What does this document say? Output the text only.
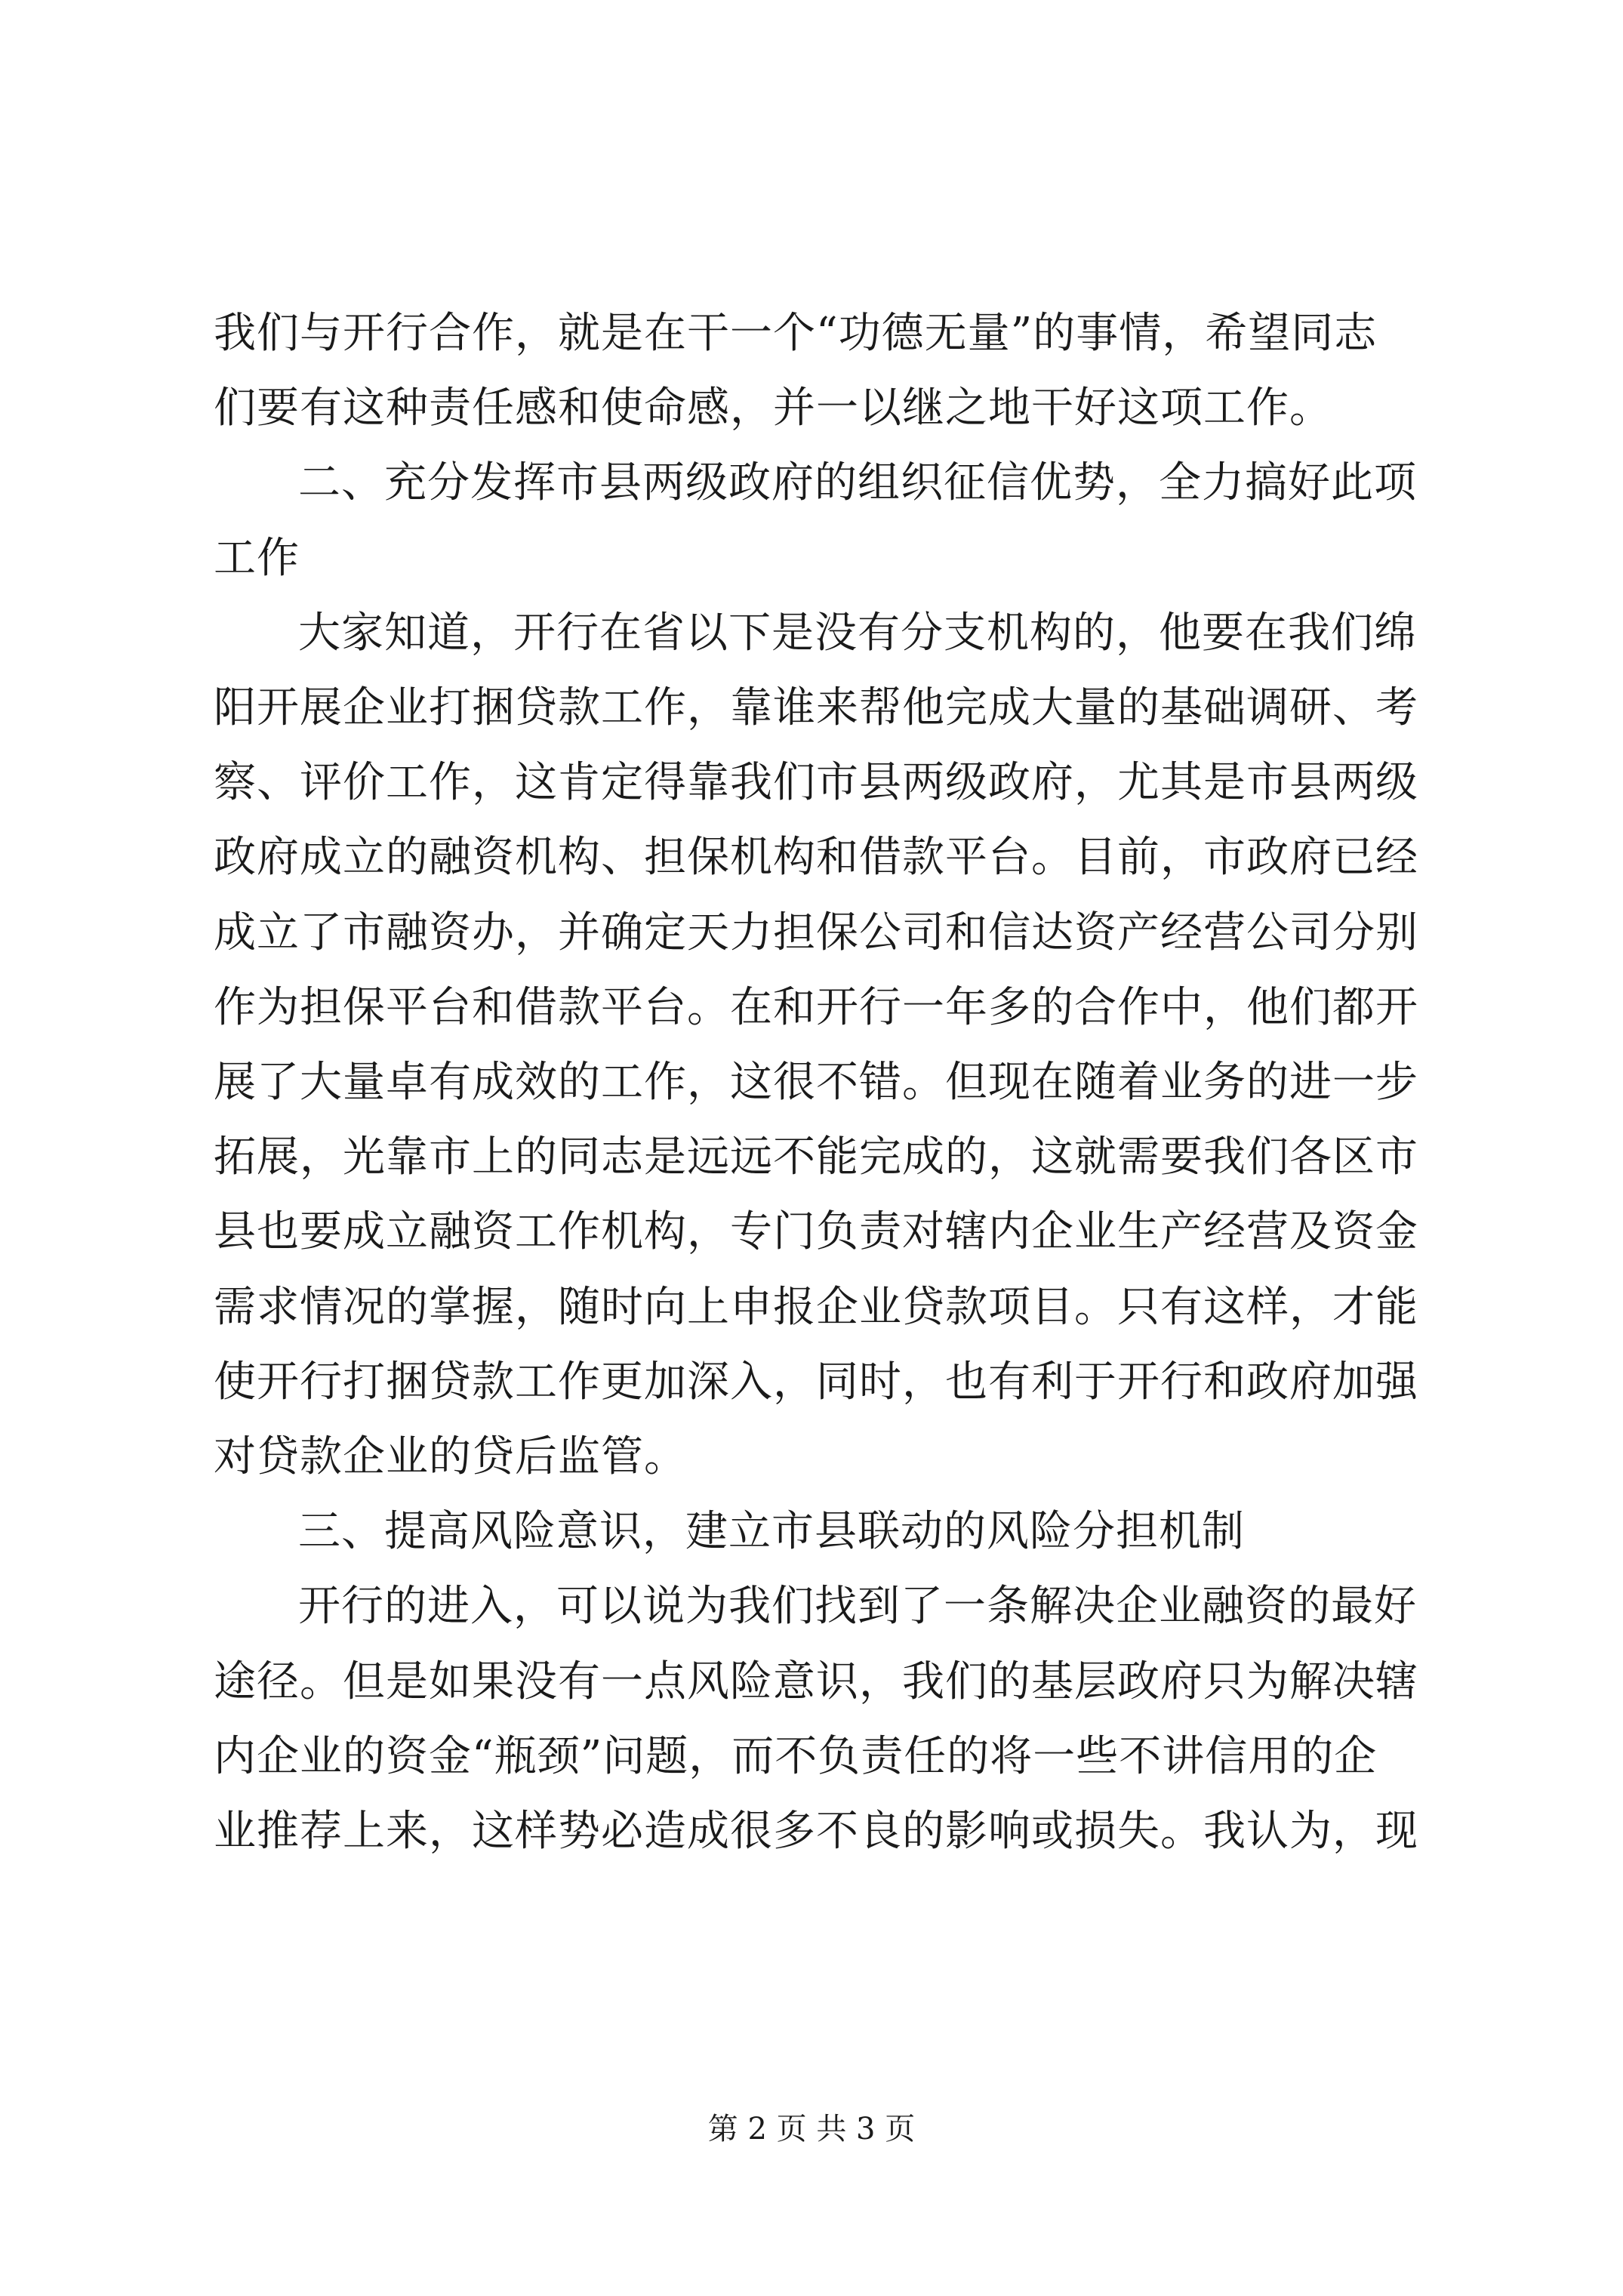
我们与开行合作，就是在干一个“功德无量”的事情，希望同志
们要有这种责任感和使命感，并一以继之地干好这项工作。
二、充分发挥市县两级政府的组织征信优势，全力搞好此项
工作
大家知道，开行在省以下是没有分支机构的，他要在我们绵
阳开展企业打捆贷款工作，靠谁来帮他完成大量的基础调研、考
察、评价工作，这肯定得靠我们市县两级政府，尤其是市县两级
政府成立的融资机构、担保机构和借款平台。目前，市政府已经
成立了市融资办，并确定天力担保公司和信达资产经营公司分别
作为担保平台和借款平台。在和开行一年多的合作中，他们都开
展了大量卓有成效的工作，这很不错。但现在随着业务的进一步
拓展，光靠市上的同志是远远不能完成的，这就需要我们各区市
县也要成立融资工作机构，专门负责对辖内企业生产经营及资金
需求情况的掌握，随时向上申报企业贷款项目。只有这样，才能
使开行打捆贷款工作更加深入，同时，也有利于开行和政府加强
对贷款企业的贷后监管。
三、提高风险意识，建立市县联动的风险分担机制
开行的进入，可以说为我们找到了一条解决企业融资的最好
途径。但是如果没有一点风险意识，我们的基层政府只为解决辖
内企业的资金“瓶颈”问题，而不负责任的将一些不讲信用的企
业推荐上来，这样势必造成很多不良的影响或损失。我认为，现
第 2 页 共 3 页
